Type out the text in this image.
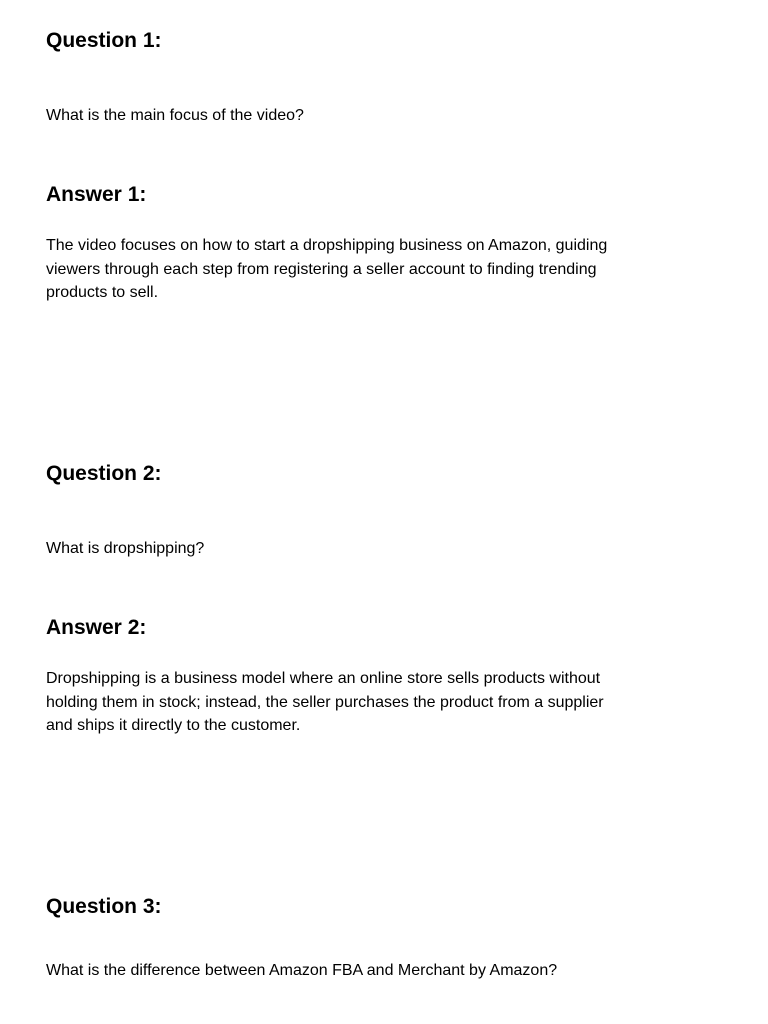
Question 1:

What is the main focus of the video?

Answer 1:

The video focuses on how to start a dropshipping business on Amazon, guiding viewers through each step from registering a seller account to finding trending products to sell.

Question 2:

What is dropshipping?

Answer 2:

Dropshipping is a business model where an online store sells products without holding them in stock; instead, the seller purchases the product from a supplier and ships it directly to the customer.

Question 3:

What is the difference between Amazon FBA and Merchant by Amazon?
